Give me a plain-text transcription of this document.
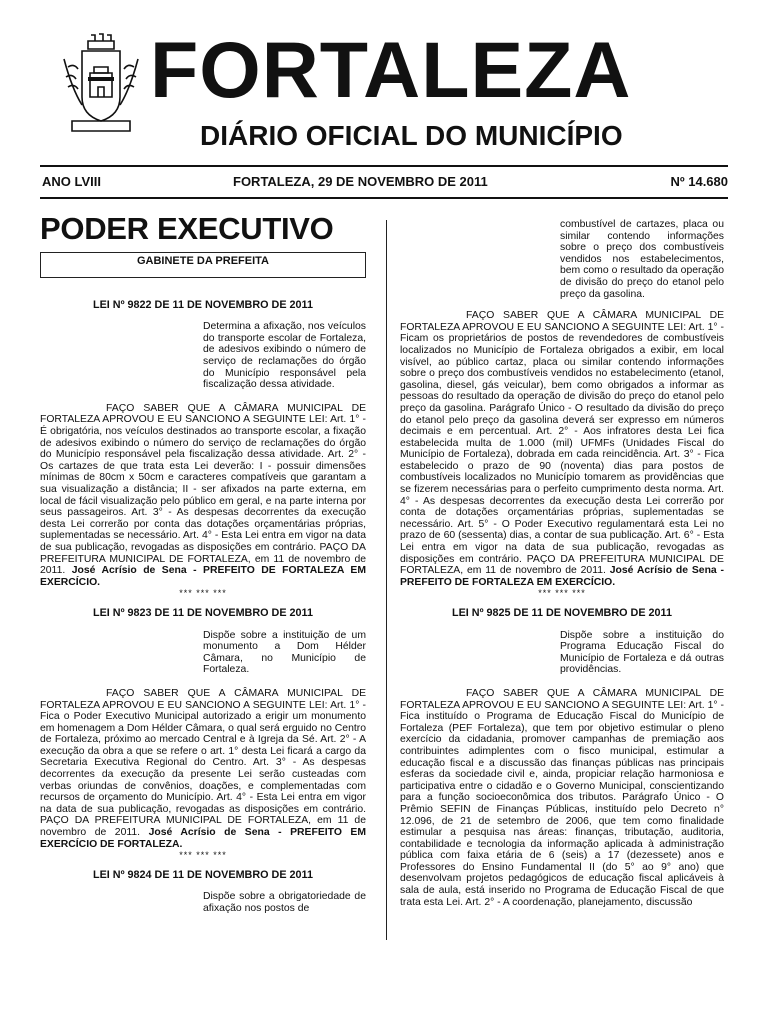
FORTALEZA
DIÁRIO OFICIAL DO MUNICÍPIO
ANO LVIII	FORTALEZA, 29 DE NOVEMBRO DE 2011	Nº 14.680
PODER EXECUTIVO
GABINETE DA PREFEITA
LEI Nº 9822 DE 11 DE NOVEMBRO DE 2011
Determina a afixação, nos veículos do transporte escolar de Fortaleza, de adesivos exibindo o número de serviço de reclamações do órgão do Município responsável pela fiscalização dessa atividade.

FAÇO SABER QUE A CÂMARA MUNICIPAL DE FORTALEZA APROVOU E EU SANCIONO A SEGUINTE LEI: Art. 1° - É obrigatória, nos veículos destinados ao transporte escolar, a fixação de adesivos exibindo o número do serviço de reclamações do órgão do Município responsável pela fiscalização dessa atividade. Art. 2° - Os cartazes de que trata esta Lei deverão: I - possuir dimensões mínimas de 80cm x 50cm e caracteres compatíveis que garantam a sua visualização a distância; II - ser afixados na parte externa, em local de fácil visualização pelo público em geral, e na parte interna por seus passageiros. Art. 3° - As despesas decorrentes da execução desta Lei correrão por conta das dotações orçamentárias próprias, suplementadas se necessário. Art. 4° - Esta Lei entra em vigor na data de sua publicação, revogadas as disposições em contrário. PAÇO DA PREFEITURA MUNICIPAL DE FORTALEZA, em 11 de novembro de 2011. José Acrísio de Sena - PREFEITO DE FORTALEZA EM EXERCÍCIO.

*** *** ***
LEI Nº 9823 DE 11 DE NOVEMBRO DE 2011
Dispõe sobre a instituição de um monumento a Dom Hélder Câmara, no Município de Fortaleza.

FAÇO SABER QUE A CÂMARA MUNICIPAL DE FORTALEZA APROVOU E EU SANCIONO A SEGUINTE LEI: Art. 1° - Fica o Poder Executivo Municipal autorizado a erigir um monumento em homenagem a Dom Hélder Câmara, o qual será erguido no Centro de Fortaleza, próximo ao mercado Central e à Igreja da Sé. Art. 2° - A execução da obra a que se refere o art. 1° desta Lei ficará a cargo da Secretaria Executiva Regional do Centro. Art. 3° - As despesas decorrentes da execução da presente Lei serão custeadas com verbas oriundas de convênios, doações, e complementadas com recursos de orçamento do Município. Art. 4° - Esta Lei entra em vigor na data de sua publicação, revogadas as disposições em contrário. PAÇO DA PREFEITURA MUNICIPAL DE FORTALEZA, em 11 de novembro de 2011. José Acrísio de Sena - PREFEITO EM EXERCÍCIO DE FORTALEZA.

*** *** ***
LEI Nº 9824 DE 11 DE NOVEMBRO DE 2011
Dispõe sobre a obrigatoriedade de afixação nos postos de
combustível de cartazes, placa ou similar contendo informações sobre o preço dos combustíveis vendidos nos estabelecimentos, bem como o resultado da operação de divisão do preço do etanol pelo preço da gasolina.

FAÇO SABER QUE A CÂMARA MUNICIPAL DE FORTALEZA APROVOU E EU SANCIONO A SEGUINTE LEI: Art. 1° - Ficam os proprietários de postos de revendedores de combustíveis localizados no Município de Fortaleza obrigados a exibir, em local visível, ao público cartaz, placa ou similar contendo informações sobre o preço dos combustíveis vendidos no estabelecimento (etanol, gasolina, diesel, gás veicular), bem como obrigados a informar as pessoas do resultado da operação de divisão do preço do etanol pelo preço da gasolina. Parágrafo Único - O resultado da divisão do preço do etanol pelo preço da gasolina deverá ser expresso em números decimais e em percentual. Art. 2° - Aos infratores desta Lei fica estabelecida multa de 1.000 (mil) UFMFs (Unidades Fiscal do Município de Fortaleza), dobrada em cada reincidência. Art. 3° - Fica estabelecido o prazo de 90 (noventa) dias para postos de combustíveis localizados no Município tomarem as providências que se fizerem necessárias para o perfeito cumprimento desta norma. Art. 4° - As despesas decorrentes da execução desta Lei correrão por conta de dotações orçamentárias próprias, suplementadas se necessário. Art. 5° - O Poder Executivo regulamentará esta Lei no prazo de 60 (sessenta) dias, a contar de sua publicação. Art. 6° - Esta Lei entra em vigor na data de sua publicação, revogadas as disposições em contrário. PAÇO DA PREFEITURA MUNICIPAL DE FORTALEZA, em 11 de novembro de 2011. José Acrísio de Sena - PREFEITO DE FORTALEZA EM EXERCÍCIO.

*** *** ***
LEI Nº 9825 DE 11 DE NOVEMBRO DE 2011
Dispõe sobre a instituição do Programa Educação Fiscal do Município de Fortaleza e dá outras providências.

FAÇO SABER QUE A CÂMARA MUNICIPAL DE FORTALEZA APROVOU E EU SANCIONO A SEGUINTE LEI: Art. 1° - Fica instituído o Programa de Educação Fiscal do Município de Fortaleza (PEF Fortaleza), que tem por objetivo estimular o pleno exercício da cidadania, promover campanhas de premiação aos contribuintes adimplentes com o fisco municipal, estimular a educação fiscal e a discussão das finanças públicas nas principais esferas da sociedade civil e, ainda, propiciar relação harmoniosa e participativa entre o cidadão e o Governo Municipal, conscientizando para a função socioeconômica dos tributos. Parágrafo Único - O Prêmio SEFIN de Finanças Públicas, instituído pelo Decreto n° 12.096, de 21 de setembro de 2006, que tem como finalidade estimular a pesquisa nas áreas: finanças, tributação, auditoria, contabilidade e tecnologia da informação aplicada à administração pública com faixa etária de 6 (seis) a 17 (dezessete) anos e Professores do Ensino Fundamental II (do 5° ao 9° ano) que desenvolvam projetos pedagógicos de educação fiscal aplicáveis à sala de aula, está inserido no Programa de Educação Fiscal de que trata esta Lei. Art. 2° - A coordenação, planejamento, discussão
